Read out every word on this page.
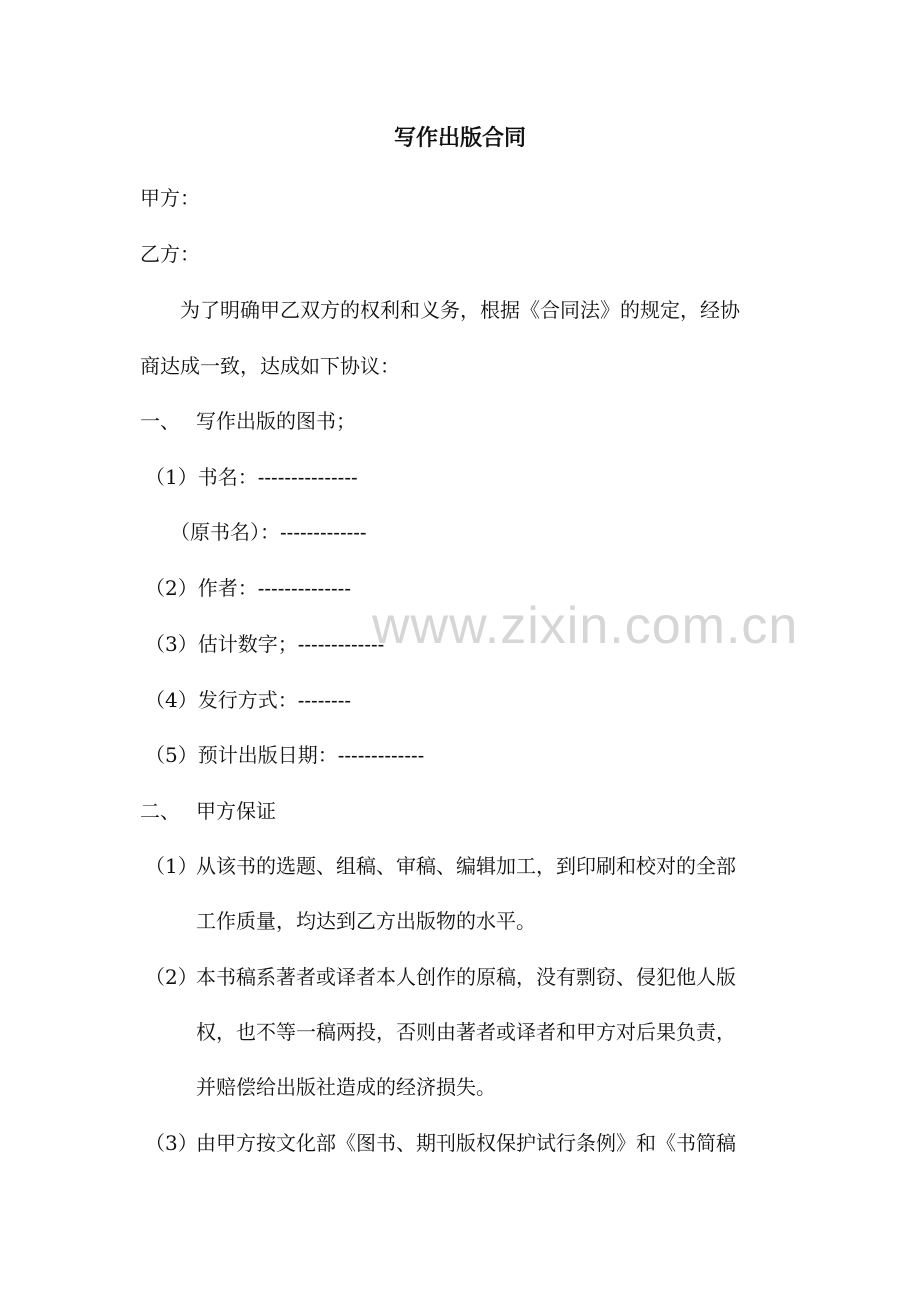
写作出版合同
甲方：
乙方：
为了明确甲乙双方的权利和义务，根据《合同法》的规定，经协
商达成一致，达成如下协议：
一、 写作出版的图书；
（1）书名：---------------
（原书名）：-------------
（2）作者：--------------
（3）估计数字；-------------
（4）发行方式：--------
（5）预计出版日期：-------------
二、 甲方保证
（1）
从该书的选题、组稿、审稿、编辑加工，到印刷和校对的全部
工作质量，均达到乙方出版物的水平。
（2）
本书稿系著者或译者本人创作的原稿，没有剽窃、侵犯他人版
权，也不等一稿两投，否则由著者或译者和甲方对后果负责，
并赔偿给出版社造成的经济损失。
（3）
由甲方按文化部《图书、期刊版权保护试行条例》和《书简稿
www.zixin.com.cn
